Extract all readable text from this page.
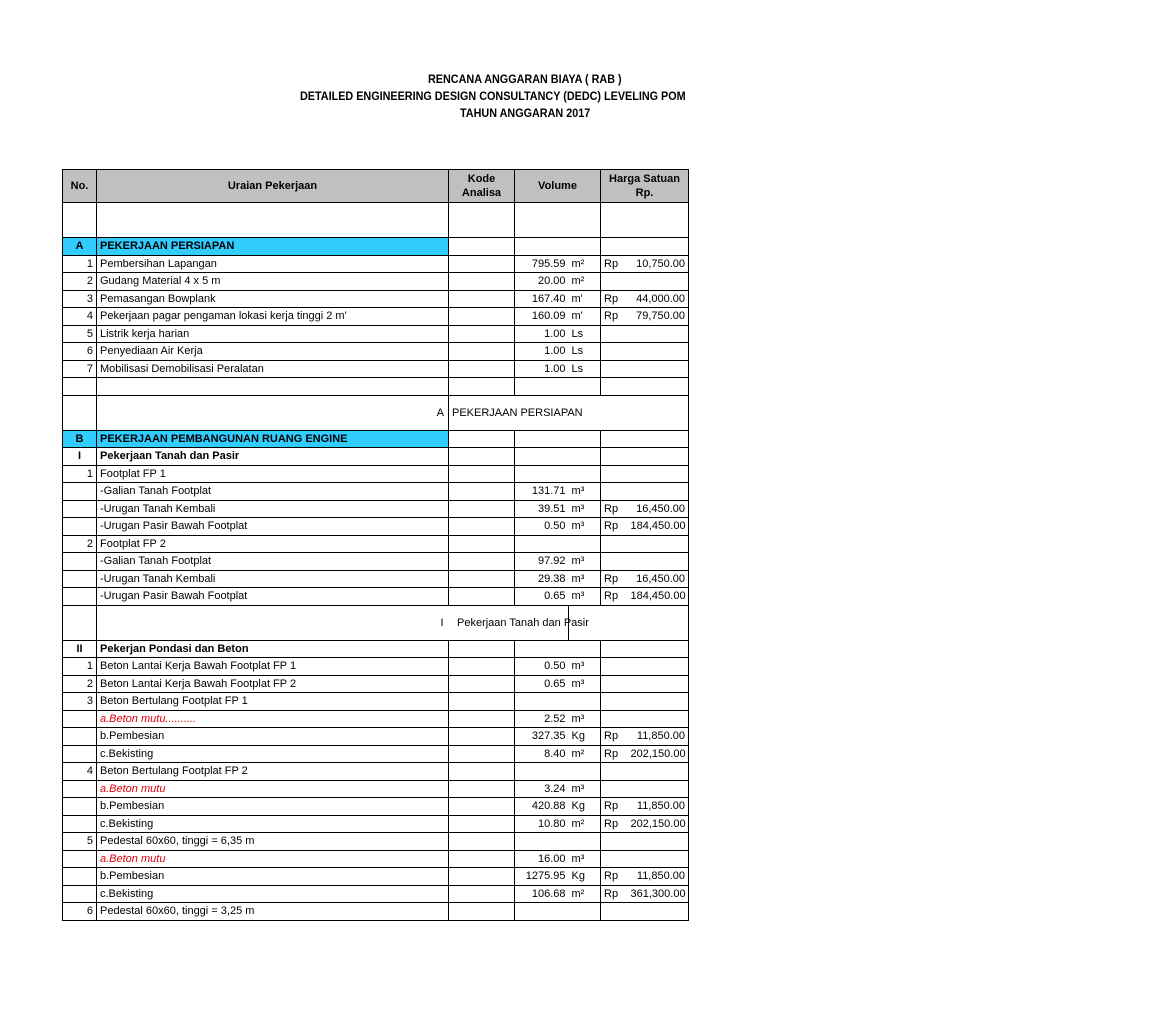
RENCANA ANGGARAN BIAYA ( RAB )
DETAILED ENGINEERING DESIGN CONSULTANCY (DEDC) LEVELING POM
TAHUN ANGGARAN 2017
No.	Uraian Pekerjaan	Kode Analisa	Volume		Harga Satuan Rp.	

A	PEKERJAAN PERSIAPAN					
1	Pembersihan Lapangan		795.59	m²	Rp	10,750.00
2	Gudang Material 4 x 5 m		20.00	m²		
3	Pemasangan Bowplank		167.40	m'	Rp	44,000.00
4	Pekerjaan pagar pengaman lokasi kerja tinggi 2 m'		160.09	m'	Rp	79,750.00
5	Listrik kerja harian		1.00	Ls		
6	Penyediaan Air Kerja		1.00	Ls		
7	Mobilisasi Demobilisasi Peralatan		1.00	Ls		

	A	PEKERJAAN PERSIAPAN				
B	PEKERJAAN PEMBANGUNAN RUANG ENGINE					
I	Pekerjaan Tanah dan Pasir					
1	Footplat FP 1					
	-Galian Tanah Footplat		131.71	m³		
	-Urugan Tanah Kembali		39.51	m³	Rp	16,450.00
	-Urugan Pasir Bawah Footplat		0.50	m³	Rp	184,450.00
2	Footplat FP 2					
	-Galian Tanah Footplat		97.92	m³		
	-Urugan Tanah Kembali		29.38	m³	Rp	16,450.00
	-Urugan Pasir Bawah Footplat		0.65	m³	Rp	184,450.00
		I		Pekerjaan Tanah dan Pasir		

II	Pekerjan Pondasi dan Beton					
1	Beton Lantai Kerja Bawah Footplat FP 1		0.50	m³		
2	Beton Lantai Kerja Bawah Footplat FP 2		0.65	m³		
3	Beton Bertulang Footplat FP 1					
	a.Beton mutu..........		2.52	m³		
	b.Pembesian		327.35	Kg	Rp	11,850.00
	c.Bekisting		8.40	m²	Rp	202,150.00
4	Beton Bertulang Footplat FP 2					
	a.Beton mutu		3.24	m³		
	b.Pembesian		420.88	Kg	Rp	11,850.00
	c.Bekisting		10.80	m²	Rp	202,150.00
5	Pedestal 60x60, tinggi = 6,35 m					
	a.Beton mutu		16.00	m³		
	b.Pembesian		1275.95	Kg	Rp	11,850.00
	c.Bekisting		106.68	m²	Rp	361,300.00
6	Pedestal 60x60, tinggi = 3,25 m					
